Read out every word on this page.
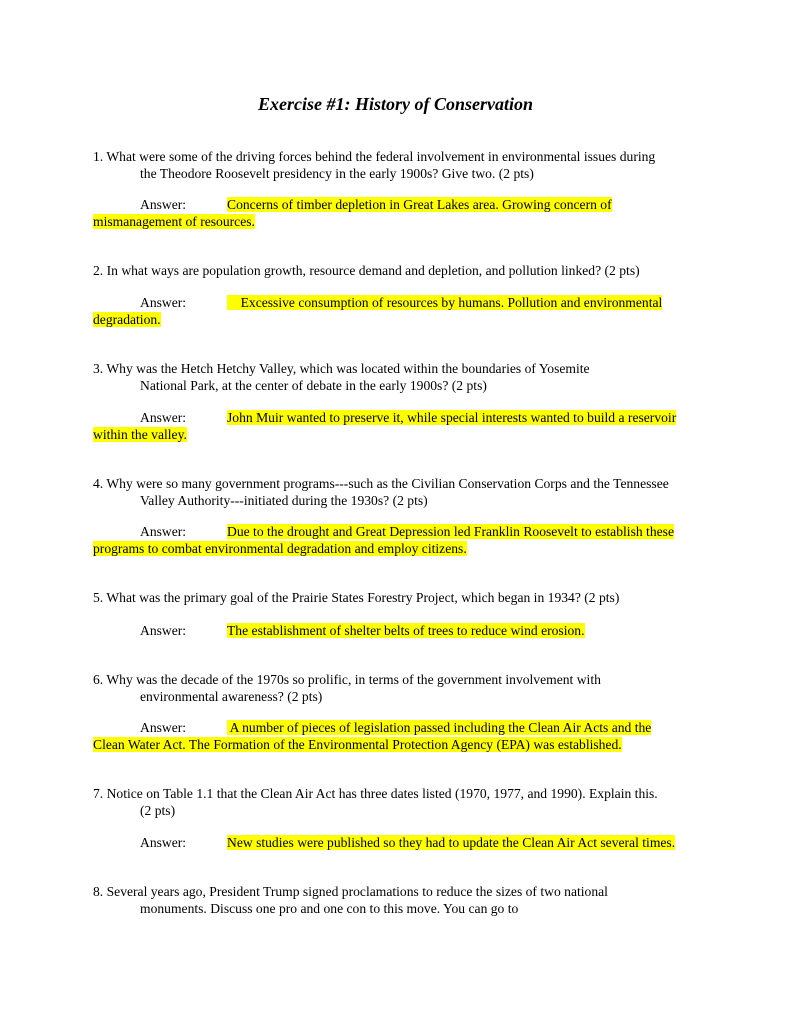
Exercise #1: History of Conservation
1. What were some of the driving forces behind the federal involvement in environmental issues during
the Theodore Roosevelt presidency in the early 1900s? Give two. (2 pts)
Answer:	Concerns of timber depletion in Great Lakes area. Growing concern of
mismanagement of resources.
2. In what ways are population growth, resource demand and depletion, and pollution linked? (2 pts)
Answer:	Excessive consumption of resources by humans. Pollution and environmental
degradation.
3. Why was the Hetch Hetchy Valley, which was located within the boundaries of Yosemite
National Park, at the center of debate in the early 1900s? (2 pts)
Answer:	John Muir wanted to preserve it, while special interests wanted to build a reservoir
within the valley.
4. Why were so many government programs---such as the Civilian Conservation Corps and the Tennessee
Valley Authority---initiated during the 1930s? (2 pts)
Answer:	Due to the drought and Great Depression led Franklin Roosevelt to establish these
programs to combat environmental degradation and employ citizens.
5. What was the primary goal of the Prairie States Forestry Project, which began in 1934? (2 pts)
Answer:	The establishment of shelter belts of trees to reduce wind erosion.
6. Why was the decade of the 1970s so prolific, in terms of the government involvement with
environmental awareness? (2 pts)
Answer:	A number of pieces of legislation passed including the Clean Air Acts and the
Clean Water Act. The Formation of the Environmental Protection Agency (EPA) was established.
7. Notice on Table 1.1 that the Clean Air Act has three dates listed (1970, 1977, and 1990). Explain this.
(2 pts)
Answer:	New studies were published so they had to update the Clean Air Act several times.
8. Several years ago, President Trump signed proclamations to reduce the sizes of two national
monuments. Discuss one pro and one con to this move. You can go to
